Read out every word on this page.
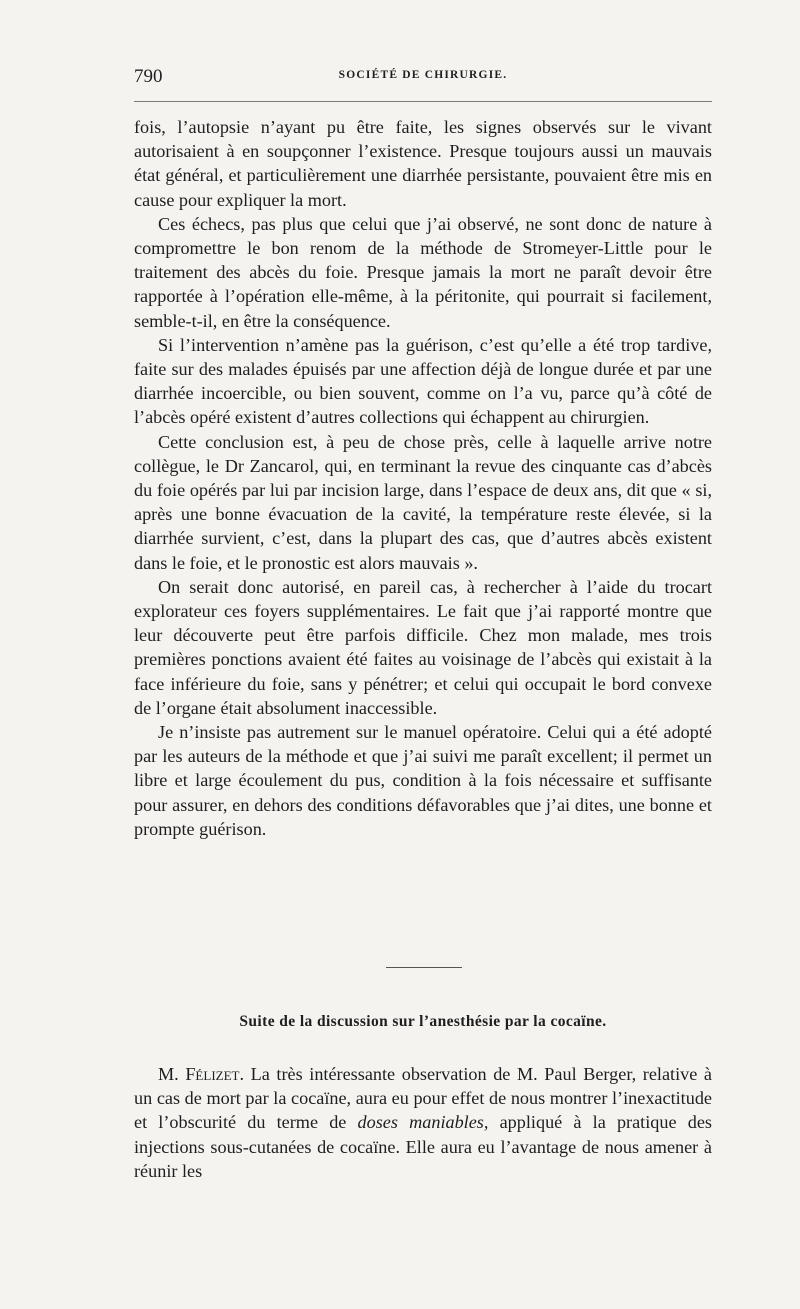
790	SOCIÉTÉ DE CHIRURGIE.

fois, l’autopsie n’ayant pu être faite, les signes observés sur le vivant autorisaient à en soupçonner l’existence. Presque toujours aussi un mauvais état général, et particulièrement une diarrhée persistante, pouvaient être mis en cause pour expliquer la mort.

Ces échecs, pas plus que celui que j’ai observé, ne sont donc de nature à compromettre le bon renom de la méthode de Stromeyer-Little pour le traitement des abcès du foie. Presque jamais la mort ne paraît devoir être rapportée à l’opération elle-même, à la péritonite, qui pourrait si facilement, semble-t-il, en être la conséquence.

Si l’intervention n’amène pas la guérison, c’est qu’elle a été trop tardive, faite sur des malades épuisés par une affection déjà de longue durée et par une diarrhée incoercible, ou bien souvent, comme on l’a vu, parce qu’à côté de l’abcès opéré existent d’autres collections qui échappent au chirurgien.

Cette conclusion est, à peu de chose près, celle à laquelle arrive notre collègue, le Dr Zancarol, qui, en terminant la revue des cinquante cas d’abcès du foie opérés par lui par incision large, dans l’espace de deux ans, dit que « si, après une bonne évacuation de la cavité, la température reste élevée, si la diarrhée survient, c’est, dans la plupart des cas, que d’autres abcès existent dans le foie, et le pronostic est alors mauvais ».

On serait donc autorisé, en pareil cas, à rechercher à l’aide du trocart explorateur ces foyers supplémentaires. Le fait que j’ai rapporté montre que leur découverte peut être parfois difficile. Chez mon malade, mes trois premières ponctions avaient été faites au voisinage de l’abcès qui existait à la face inférieure du foie, sans y pénétrer; et celui qui occupait le bord convexe de l’organe était absolument inaccessible.

Je n’insiste pas autrement sur le manuel opératoire. Celui qui a été adopté par les auteurs de la méthode et que j’ai suivi me paraît excellent; il permet un libre et large écoulement du pus, condition à la fois nécessaire et suffisante pour assurer, en dehors des conditions défavorables que j’ai dites, une bonne et prompte guérison.

Suite de la discussion sur l’anesthésie par la cocaïne.

M. Félizet. La très intéressante observation de M. Paul Berger, relative à un cas de mort par la cocaïne, aura eu pour effet de nous montrer l’inexactitude et l’obscurité du terme de doses maniables, appliqué à la pratique des injections sous-cutanées de cocaïne. Elle aura eu l’avantage de nous amener à réunir les
